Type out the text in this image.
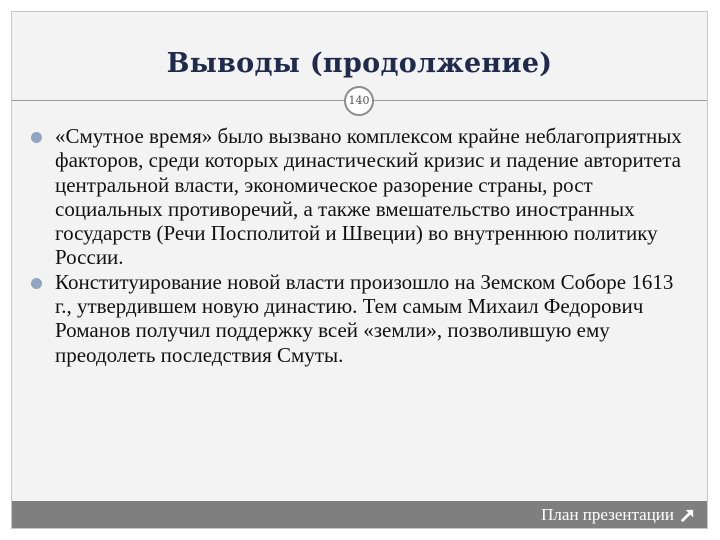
Выводы (продолжение)
140
«Смутное время» было вызвано комплексом крайне неблагоприятных факторов, среди которых династический кризис и падение авторитета центральной власти, экономическое разорение страны, рост социальных противоречий, а также вмешательство иностранных государств (Речи Посполитой и Швеции) во внутреннюю политику России.
Конституирование новой власти произошло на Земском Соборе 1613 г., утвердившем новую династию. Тем самым Михаил Федорович Романов получил поддержку всей «земли», позволившую ему преодолеть последствия Смуты.
План презентации
